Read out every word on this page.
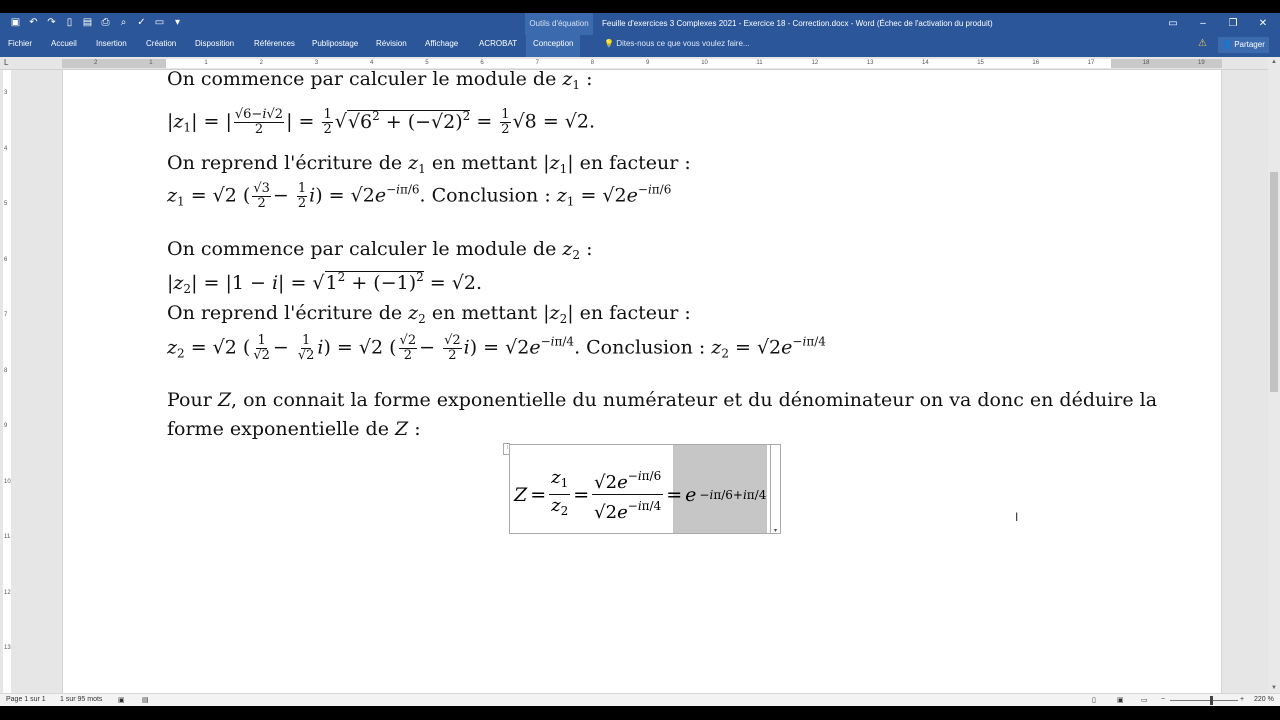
▣ ↶ ↷ ▯ ▤ ⎙ ⌕ ✓ ▭ ▾	Outils d'équation	Feuille d'exercices 3 Complexes 2021 - Exercice 18 - Correction.docx - Word (Échec de l'activation du produit)	▭	–	❐	✕
Fichier Accueil Insertion Création Disposition Références Publipostage Révision Affichage	ACROBAT	Conception	💡 Dites-nous ce que vous voulez faire...	⚠	👤 Partager
L	2	1	1	2	3	4	5	6	7	8	9	10	11	12	13	14	15	16	17	18	19
3
4
5
6
7
8
9
10
11
12
13
On commence par calculer le module de $z_1$ :
$|z_1|$ = | $\frac{√6-i√2}{2}$ | = $\frac{1}{2} √√6^2 + (-√2)^2 = \frac{1}{2} √8 = √2$.
On reprend l'écriture de $z_1$ en mettant $|z_1|$ en facteur :
$z_1 = √2$ ( $\frac{√3}{2} - \frac{1}{2} i) = √2e^{-i\pi/6}$. Conclusion : $z_1 = √2e^{-i\pi/6}$
On commence par calculer le module de $z_2$ :
$|z_2| = |1 - i| = √1^2 + (-1)^2 = √2$.
On reprend l'écriture de $z_2$ en mettant $|z_2|$ en facteur :
$z_2 = √2$ ( $\frac{1}{√2} - \frac{1}{√2} i) = √2$ ( $\frac{√2}{2} - \frac{√2}{2} i) = √2e^{-i\pi/4}$. Conclusion : $z_2 = √2e^{-i\pi/4}$
Pour Z, on connait la forme exponentielle du numérateur et du dénominateur on va donc en déduire la
forme exponentielle de Z :
⋮
▾
Z =
$z_1$
$z_2$
=
$√2e^{-i\pi/6}$
$√2e^{-i\pi/4}$
= e −iπ/6+iπ/4
I
▲
▼
Page 1 sur 1 1 sur 95 mots ▣ ▤	▯	▣ ▭ −	+ 220 %
